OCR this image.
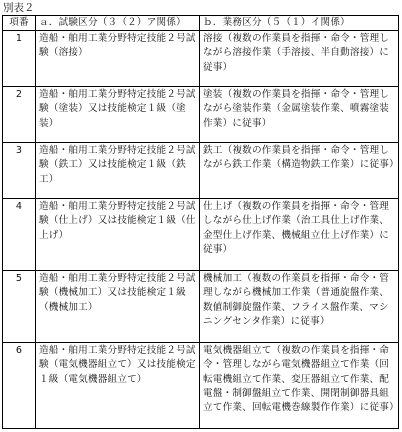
別表２
項番	ａ．試験区分（３（２）ア関係）	ｂ．業務区分（５（１）イ関係）
1	造船・舶用工業分野特定技能２号試験（溶接）	溶接（複数の作業員を指揮・命令・管理しながら溶接作業（手溶接、半自動溶接）に従事）
2	造船・舶用工業分野特定技能２号試験（塗装）又は技能検定１級（塗装）	塗装（複数の作業員を指揮・命令・管理しながら塗装作業（金属塗装作業、噴霧塗装作業）に従事）
3	造船・舶用工業分野特定技能２号試験（鉄工）又は技能検定１級（鉄工）	鉄工（複数の作業員を指揮・命令・管理しながら鉄工作業（構造物鉄工作業）に従事）
4	造船・舶用工業分野特定技能２号試験（仕上げ）又は技能検定１級（仕上げ）	仕上げ（複数の作業員を指揮・命令・管理しながら仕上げ作業（治工具仕上げ作業、金型仕上げ作業、機械組立仕上げ作業）に従事）
5	造船・舶用工業分野特定技能２号試験（機械加工）又は技能検定１級（機械加工）	機械加工（複数の作業員を指揮・命令・管理しながら機械加工作業（普通旋盤作業、数値制御旋盤作業、フライス盤作業、マシニングセンタ作業）に従事）
6	造船・舶用工業分野特定技能２号試験（電気機器組立て）又は技能検定１級（電気機器組立て）	電気機器組立て（複数の作業員を指揮・命令・管理しながら電気機器組立て作業（回転電機組立て作業、変圧器組立て作業、配電盤・制御盤組立て作業、開閉制御器具組立て作業、回転電機巻線製作作業）に従事）
